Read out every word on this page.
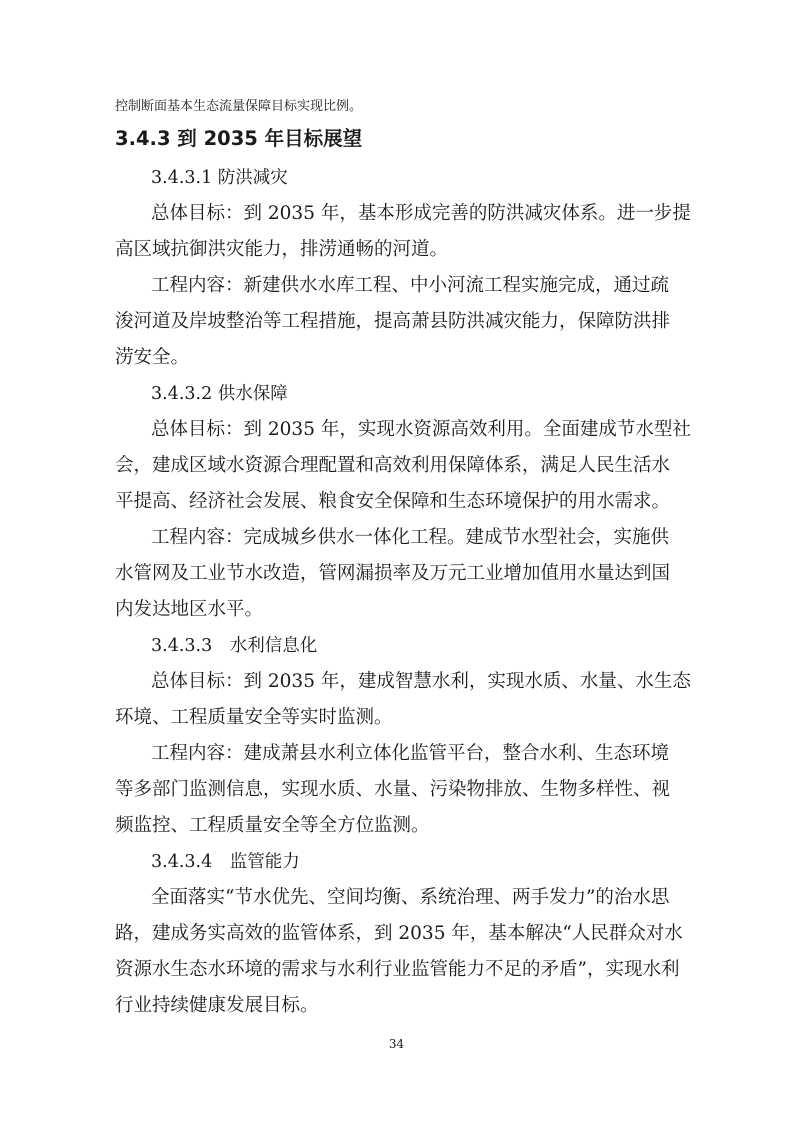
控制断面基本生态流量保障目标实现比例。
3.4.3 到 2035 年目标展望
3.4.3.1 防洪减灾
总体目标：到 2035 年，基本形成完善的防洪减灾体系。进一步提
高区域抗御洪灾能力，排涝通畅的河道。
工程内容：新建供水水库工程、中小河流工程实施完成，通过疏
浚河道及岸坡整治等工程措施，提高萧县防洪减灾能力，保障防洪排
涝安全。
3.4.3.2 供水保障
总体目标：到 2035 年，实现水资源高效利用。全面建成节水型社
会，建成区域水资源合理配置和高效利用保障体系，满足人民生活水
平提高、经济社会发展、粮食安全保障和生态环境保护的用水需求。
工程内容：完成城乡供水一体化工程。建成节水型社会，实施供
水管网及工业节水改造，管网漏损率及万元工业增加值用水量达到国
内发达地区水平。
3.4.3.3　水利信息化
总体目标：到 2035 年，建成智慧水利，实现水质、水量、水生态
环境、工程质量安全等实时监测。
工程内容：建成萧县水利立体化监管平台，整合水利、生态环境
等多部门监测信息，实现水质、水量、污染物排放、生物多样性、视
频监控、工程质量安全等全方位监测。
3.4.3.4　监管能力
全面落实“节水优先、空间均衡、系统治理、两手发力”的治水思
路，建成务实高效的监管体系，到 2035 年，基本解决“人民群众对水
资源水生态水环境的需求与水利行业监管能力不足的矛盾”，实现水利
行业持续健康发展目标。
34
